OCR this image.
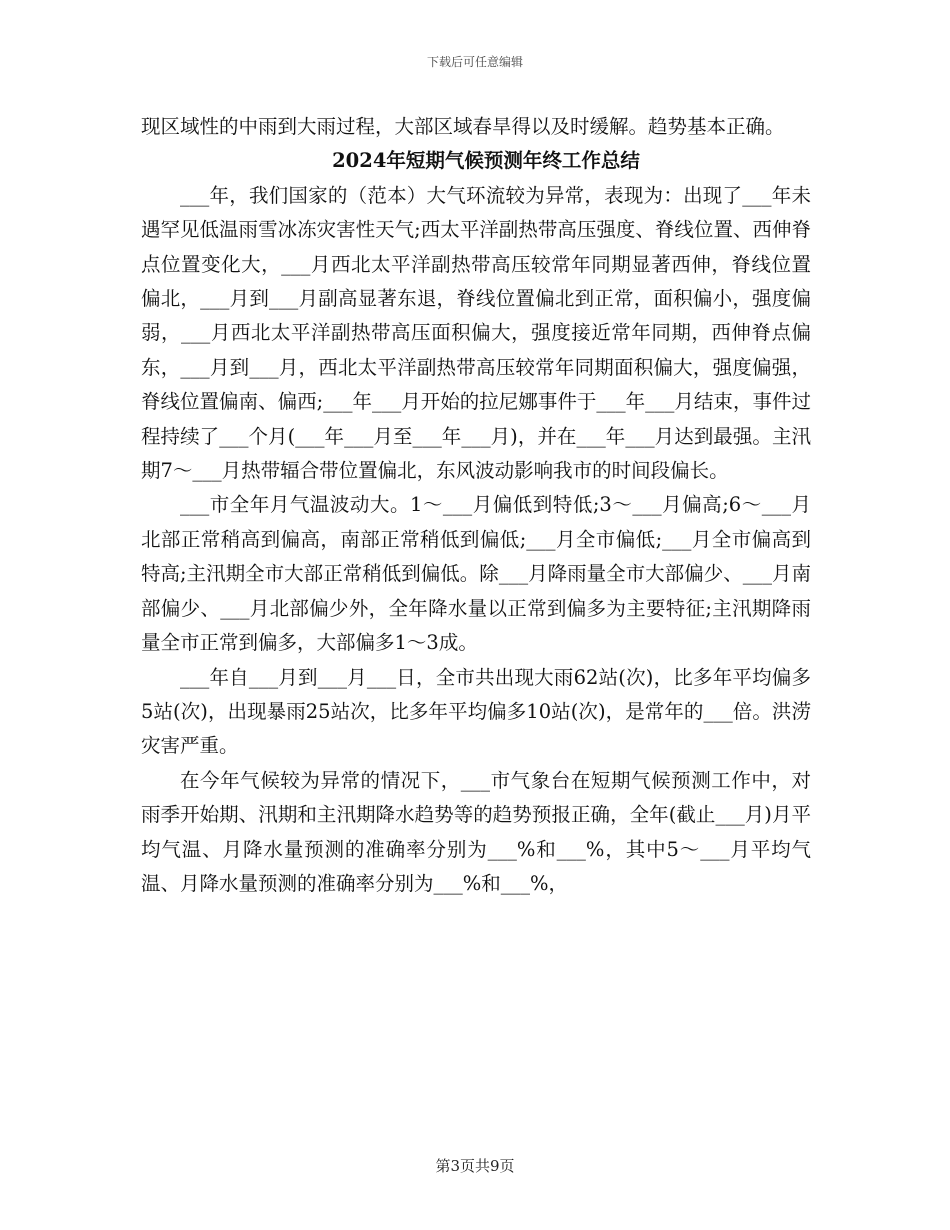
下载后可任意编辑

现区域性的中雨到大雨过程，大部区域春旱得以及时缓解。趋势基本正确。

2024年短期气候预测年终工作总结

___年，我们国家的（范本）大气环流较为异常，表现为：出现了___年未遇罕见低温雨雪冰冻灾害性天气;西太平洋副热带高压强度、脊线位置、西伸脊点位置变化大，___月西北太平洋副热带高压较常年同期显著西伸，脊线位置偏北，___月到___月副高显著东退，脊线位置偏北到正常，面积偏小，强度偏弱，___月西北太平洋副热带高压面积偏大，强度接近常年同期，西伸脊点偏东，___月到___月，西北太平洋副热带高压较常年同期面积偏大，强度偏强，脊线位置偏南、偏西;___年___月开始的拉尼娜事件于___年___月结束，事件过程持续了___个月(___年___月至___年___月)，并在___年___月达到最强。主汛期7～___月热带辐合带位置偏北，东风波动影响我市的时间段偏长。

___市全年月气温波动大。1～___月偏低到特低;3～___月偏高;6～___月北部正常稍高到偏高，南部正常稍低到偏低;___月全市偏低;___月全市偏高到特高;主汛期全市大部正常稍低到偏低。除___月降雨量全市大部偏少、___月南部偏少、___月北部偏少外，全年降水量以正常到偏多为主要特征;主汛期降雨量全市正常到偏多，大部偏多1～3成。

___年自___月到___月___日，全市共出现大雨62站(次)，比多年平均偏多5站(次)，出现暴雨25站次，比多年平均偏多10站(次)，是常年的___倍。洪涝灾害严重。

在今年气候较为异常的情况下，___市气象台在短期气候预测工作中，对雨季开始期、汛期和主汛期降水趋势等的趋势预报正确，全年(截止___月)月平均气温、月降水量预测的准确率分别为___%和___%，其中5～___月平均气温、月降水量预测的准确率分别为___%和___%，

第3页共9页
